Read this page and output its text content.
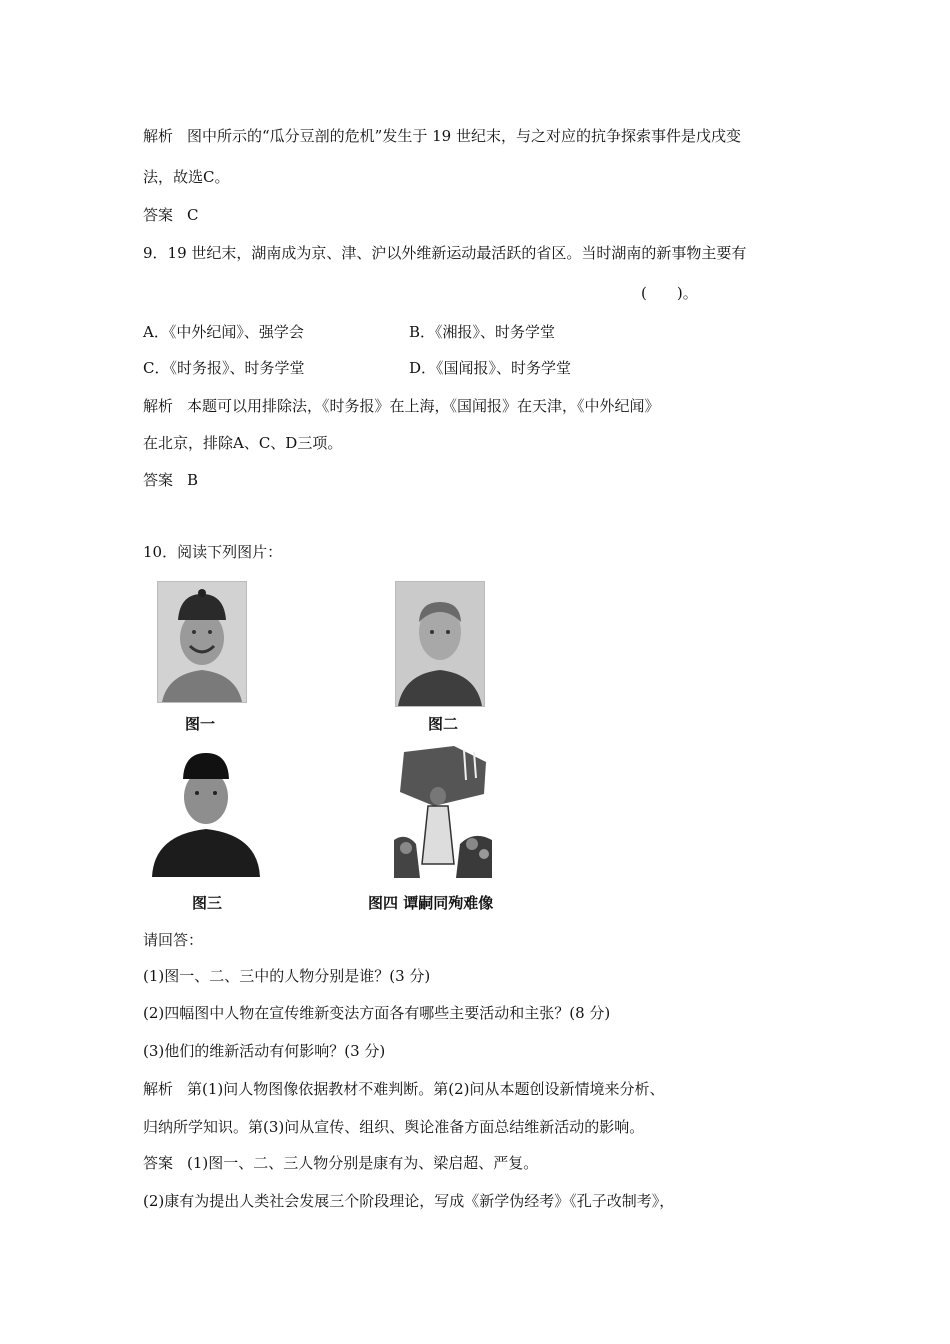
解析 图中所示的“瓜分豆剖的危机”发生于 19 世纪末，与之对应的抗争探索事件是戊戌变
法，故选C。
答案 C
9．19 世纪末，湖南成为京、津、沪以外维新运动最活跃的省区。当时湖南的新事物主要有
(　　)。
A．《中外纪闻》、强学会	B．《湘报》、时务学堂
C．《时务报》、时务学堂	D．《国闻报》、时务学堂
解析 本题可以用排除法，《时务报》在上海，《国闻报》在天津，《中外纪闻》
在北京，排除A、C、D三项。
答案 B
10．阅读下列图片：
图一	图二
图三	图四 谭嗣同殉难像
请回答：
(1)图一、二、三中的人物分别是谁？(3 分)
(2)四幅图中人物在宣传维新变法方面各有哪些主要活动和主张？(8 分)
(3)他们的维新活动有何影响？(3 分)
解析 第(1)问人物图像依据教材不难判断。第(2)问从本题创设新情境来分析、
归纳所学知识。第(3)问从宣传、组织、舆论准备方面总结维新活动的影响。
答案 (1)图一、二、三人物分别是康有为、梁启超、严复。
(2)康有为提出人类社会发展三个阶段理论，写成《新学伪经考》《孔子改制考》，
